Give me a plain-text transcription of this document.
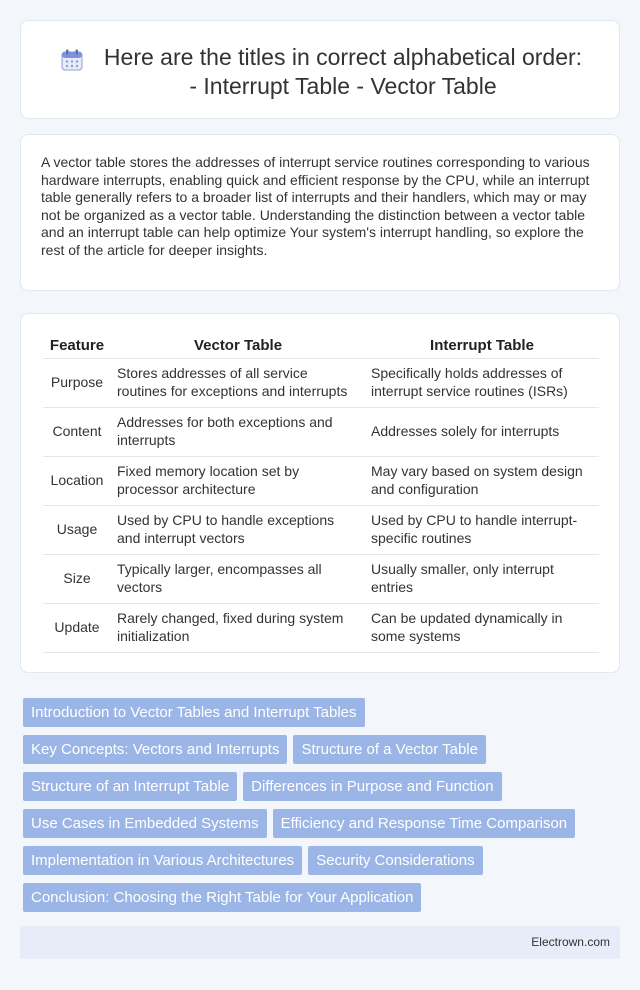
Here are the titles in correct alphabetical order:
- Interrupt Table - Vector Table

A vector table stores the addresses of interrupt service routines corresponding to various hardware interrupts, enabling quick and efficient response by the CPU, while an interrupt table generally refers to a broader list of interrupts and their handlers, which may or may not be organized as a vector table. Understanding the distinction between a vector table and an interrupt table can help optimize Your system's interrupt handling, so explore the rest of the article for deeper insights.

Feature	Vector Table	Interrupt Table
Purpose	Stores addresses of all service routines for exceptions and interrupts	Specifically holds addresses of interrupt service routines (ISRs)
Content	Addresses for both exceptions and interrupts	Addresses solely for interrupts
Location	Fixed memory location set by processor architecture	May vary based on system design and configuration
Usage	Used by CPU to handle exceptions and interrupt vectors	Used by CPU to handle interrupt-specific routines
Size	Typically larger, encompasses all vectors	Usually smaller, only interrupt entries
Update	Rarely changed, fixed during system initialization	Can be updated dynamically in some systems
Introduction to Vector Tables and Interrupt Tables
Key Concepts: Vectors and Interrupts	Structure of a Vector Table
Structure of an Interrupt Table	Differences in Purpose and Function
Use Cases in Embedded Systems	Efficiency and Response Time Comparison
Implementation in Various Architectures	Security Considerations
Conclusion: Choosing the Right Table for Your Application
Electrown.com
